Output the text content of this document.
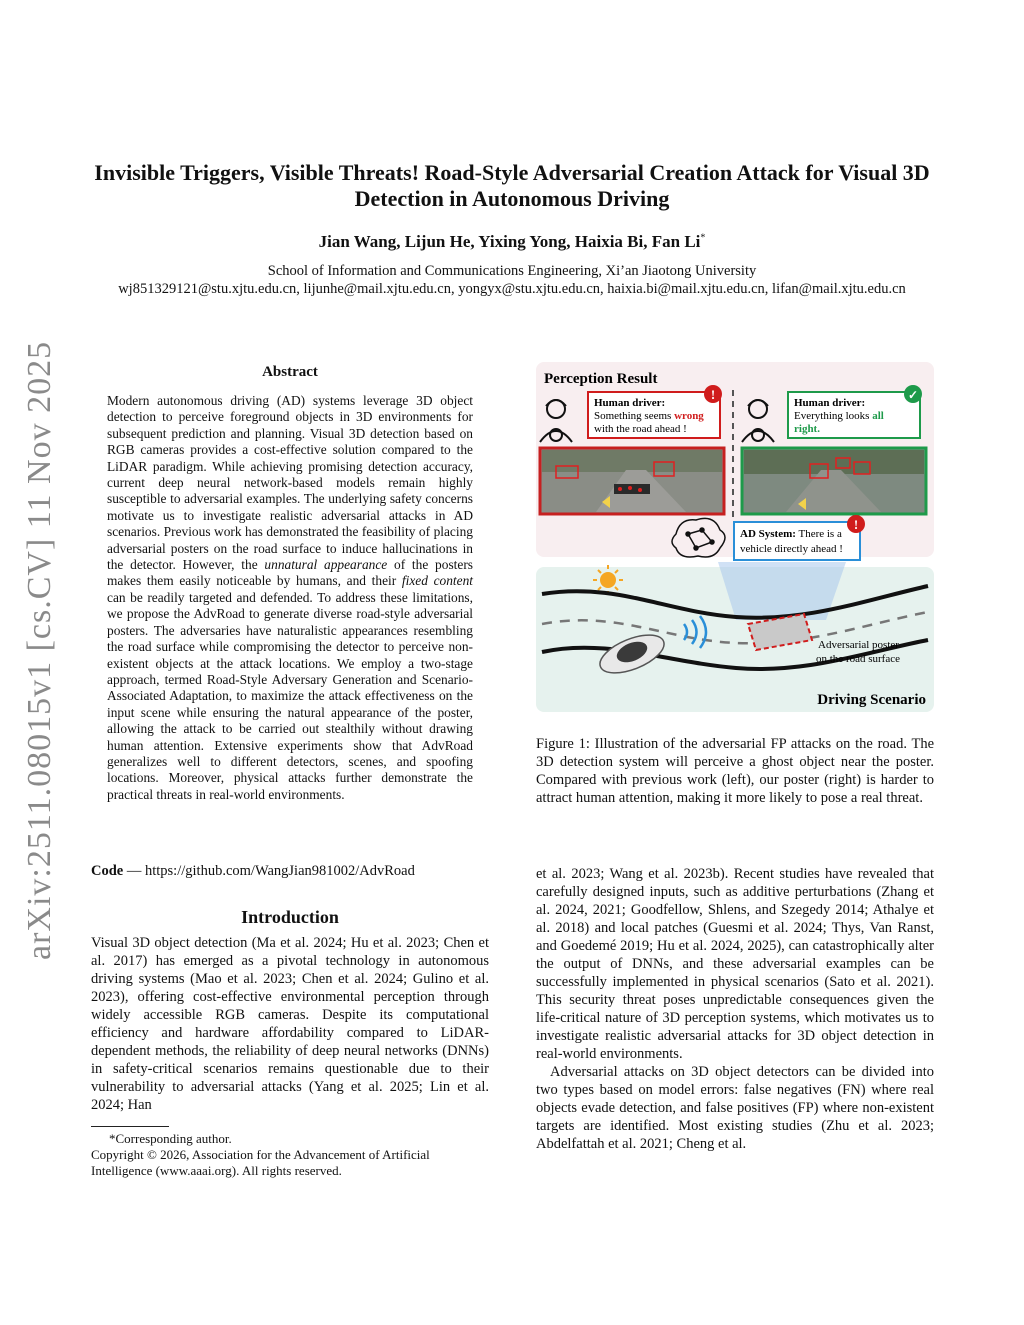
arXiv:2511.08015v1 [cs.CV] 11 Nov 2025
Invisible Triggers, Visible Threats! Road-Style Adversarial Creation Attack for Visual 3D Detection in Autonomous Driving
Jian Wang, Lijun He, Yixing Yong, Haixia Bi, Fan Li*
School of Information and Communications Engineering, Xi’an Jiaotong University
wj851329121@stu.xjtu.edu.cn, lijunhe@mail.xjtu.edu.cn, yongyx@stu.xjtu.edu.cn, haixia.bi@mail.xjtu.edu.cn, lifan@mail.xjtu.edu.cn
Abstract
Modern autonomous driving (AD) systems leverage 3D object detection to perceive foreground objects in 3D environments for subsequent prediction and planning. Visual 3D detection based on RGB cameras provides a cost-effective solution compared to the LiDAR paradigm. While achieving promising detection accuracy, current deep neural network-based models remain highly susceptible to adversarial examples. The underlying safety concerns motivate us to investigate realistic adversarial attacks in AD scenarios. Previous work has demonstrated the feasibility of placing adversarial posters on the road surface to induce hallucinations in the detector. However, the unnatural appearance of the posters makes them easily noticeable by humans, and their fixed content can be readily targeted and defended. To address these limitations, we propose the AdvRoad to generate diverse road-style adversarial posters. The adversaries have naturalistic appearances resembling the road surface while compromising the detector to perceive non-existent objects at the attack locations. We employ a two-stage approach, termed Road-Style Adversary Generation and Scenario-Associated Adaptation, to maximize the attack effectiveness on the input scene while ensuring the natural appearance of the poster, allowing the attack to be carried out stealthily without drawing human attention. Extensive experiments show that AdvRoad generalizes well to different detectors, scenes, and spoofing locations. Moreover, physical attacks further demonstrate the practical threats in real-world environments.
Code — https://github.com/WangJian981002/AdvRoad
Introduction
Visual 3D object detection (Ma et al. 2024; Hu et al. 2023; Chen et al. 2017) has emerged as a pivotal technology in autonomous driving systems (Mao et al. 2023; Chen et al. 2024; Gulino et al. 2023), offering cost-effective environmental perception through widely accessible RGB cameras. Despite its computational efficiency and hardware affordability compared to LiDAR-dependent methods, the reliability of deep neural networks (DNNs) in safety-critical scenarios remains questionable due to their vulnerability to adversarial attacks (Yang et al. 2025; Lin et al. 2024; Han
*Corresponding author.
Copyright © 2026, Association for the Advancement of Artificial Intelligence (www.aaai.org). All rights reserved.
Perception Result
Human driver:
Something seems wrong
with the road ahead !
!
Human driver:
Everything looks all
right.
✓
AD System: There is a
vehicle directly ahead !
!
Adversarial poster
on the road surface
Driving Scenario
Figure 1: Illustration of the adversarial FP attacks on the road. The 3D detection system will perceive a ghost object near the poster. Compared with previous work (left), our poster (right) is harder to attract human attention, making it more likely to pose a real threat.

et al. 2023; Wang et al. 2023b). Recent studies have revealed that carefully designed inputs, such as additive perturbations (Zhang et al. 2024, 2021; Goodfellow, Shlens, and Szegedy 2014; Athalye et al. 2018) and local patches (Guesmi et al. 2024; Thys, Van Ranst, and Goedemé 2019; Hu et al. 2024, 2025), can catastrophically alter the output of DNNs, and these adversarial examples can be successfully implemented in physical scenarios (Sato et al. 2021). This security threat poses unpredictable consequences given the life-critical nature of 3D perception systems, which motivates us to investigate realistic adversarial attacks for 3D object detection in real-world environments.

Adversarial attacks on 3D object detectors can be divided into two types based on model errors: false negatives (FN) where real objects evade detection, and false positives (FP) where non-existent targets are identified. Most existing studies (Zhu et al. 2023; Abdelfattah et al. 2021; Cheng et al.
